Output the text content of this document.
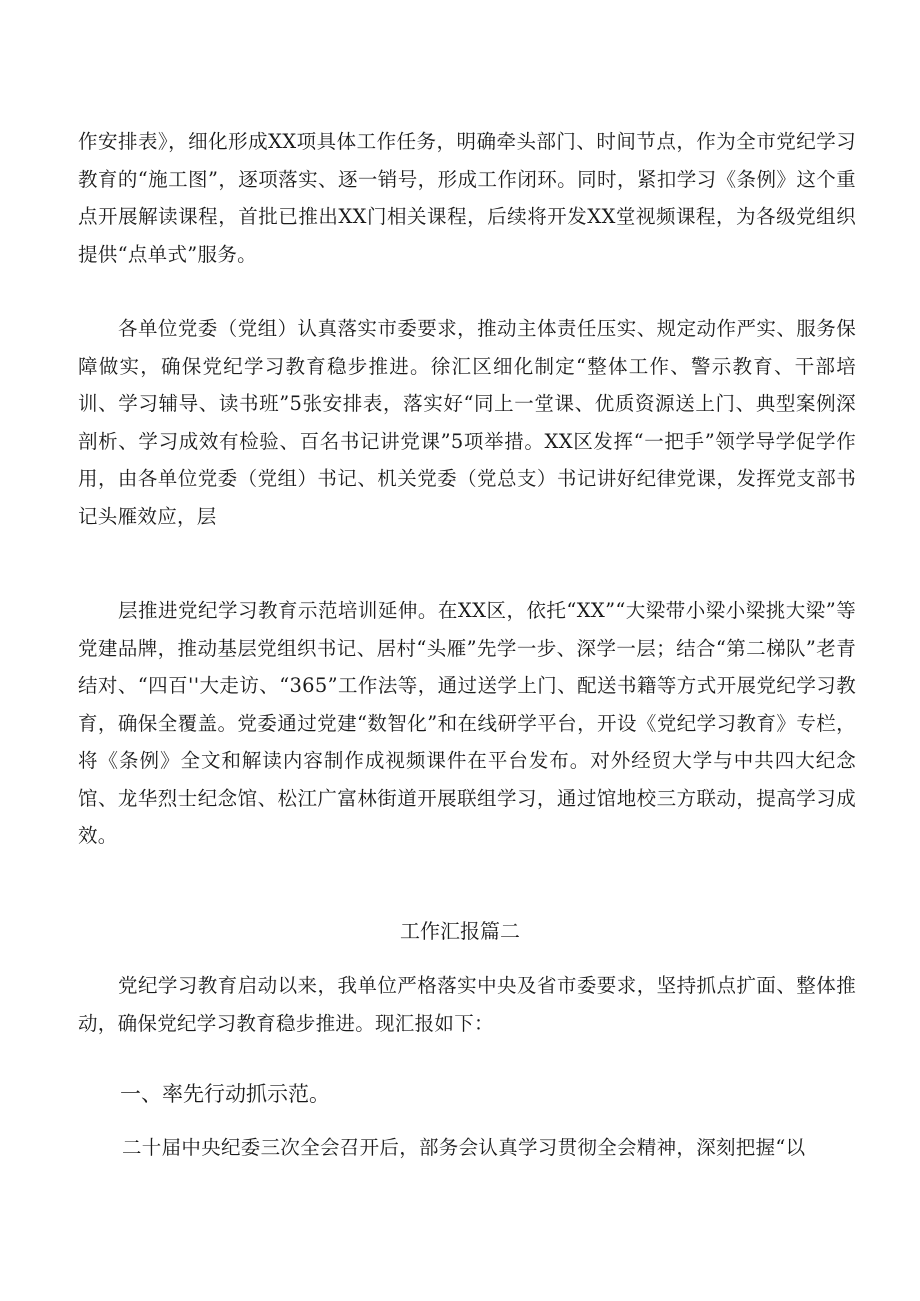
作安排表》，细化形成XX项具体工作任务，明确牵头部门、时间节点，作为全市党纪学习教育的“施工图”，逐项落实、逐一销号，形成工作闭环。同时，紧扣学习《条例》这个重点开展解读课程，首批已推出XX门相关课程，后续将开发XX堂视频课程，为各级党组织提供“点单式”服务。

各单位党委（党组）认真落实市委要求，推动主体责任压实、规定动作严实、服务保障做实，确保党纪学习教育稳步推进。徐汇区细化制定“整体工作、警示教育、干部培训、学习辅导、读书班”5张安排表，落实好“同上一堂课、优质资源送上门、典型案例深剖析、学习成效有检验、百名书记讲党课”5项举措。XX区发挥“一把手”领学导学促学作用，由各单位党委（党组）书记、机关党委（党总支）书记讲好纪律党课，发挥党支部书记头雁效应，层

层推进党纪学习教育示范培训延伸。在XX区，依托“XX”“大梁带小梁小梁挑大梁”等党建品牌，推动基层党组织书记、居村“头雁”先学一步、深学一层；结合“第二梯队”老青结对、“四百''大走访、“365”工作法等，通过送学上门、配送书籍等方式开展党纪学习教育，确保全覆盖。党委通过党建“数智化”和在线研学平台，开设《党纪学习教育》专栏，将《条例》全文和解读内容制作成视频课件在平台发布。对外经贸大学与中共四大纪念馆、龙华烈士纪念馆、松江广富林街道开展联组学习，通过馆地校三方联动，提高学习成效。

工作汇报篇二

党纪学习教育启动以来，我单位严格落实中央及省市委要求，坚持抓点扩面、整体推动，确保党纪学习教育稳步推进。现汇报如下：

一、率先行动抓示范。

二十届中央纪委三次全会召开后，部务会认真学习贯彻全会精神，深刻把握“以
